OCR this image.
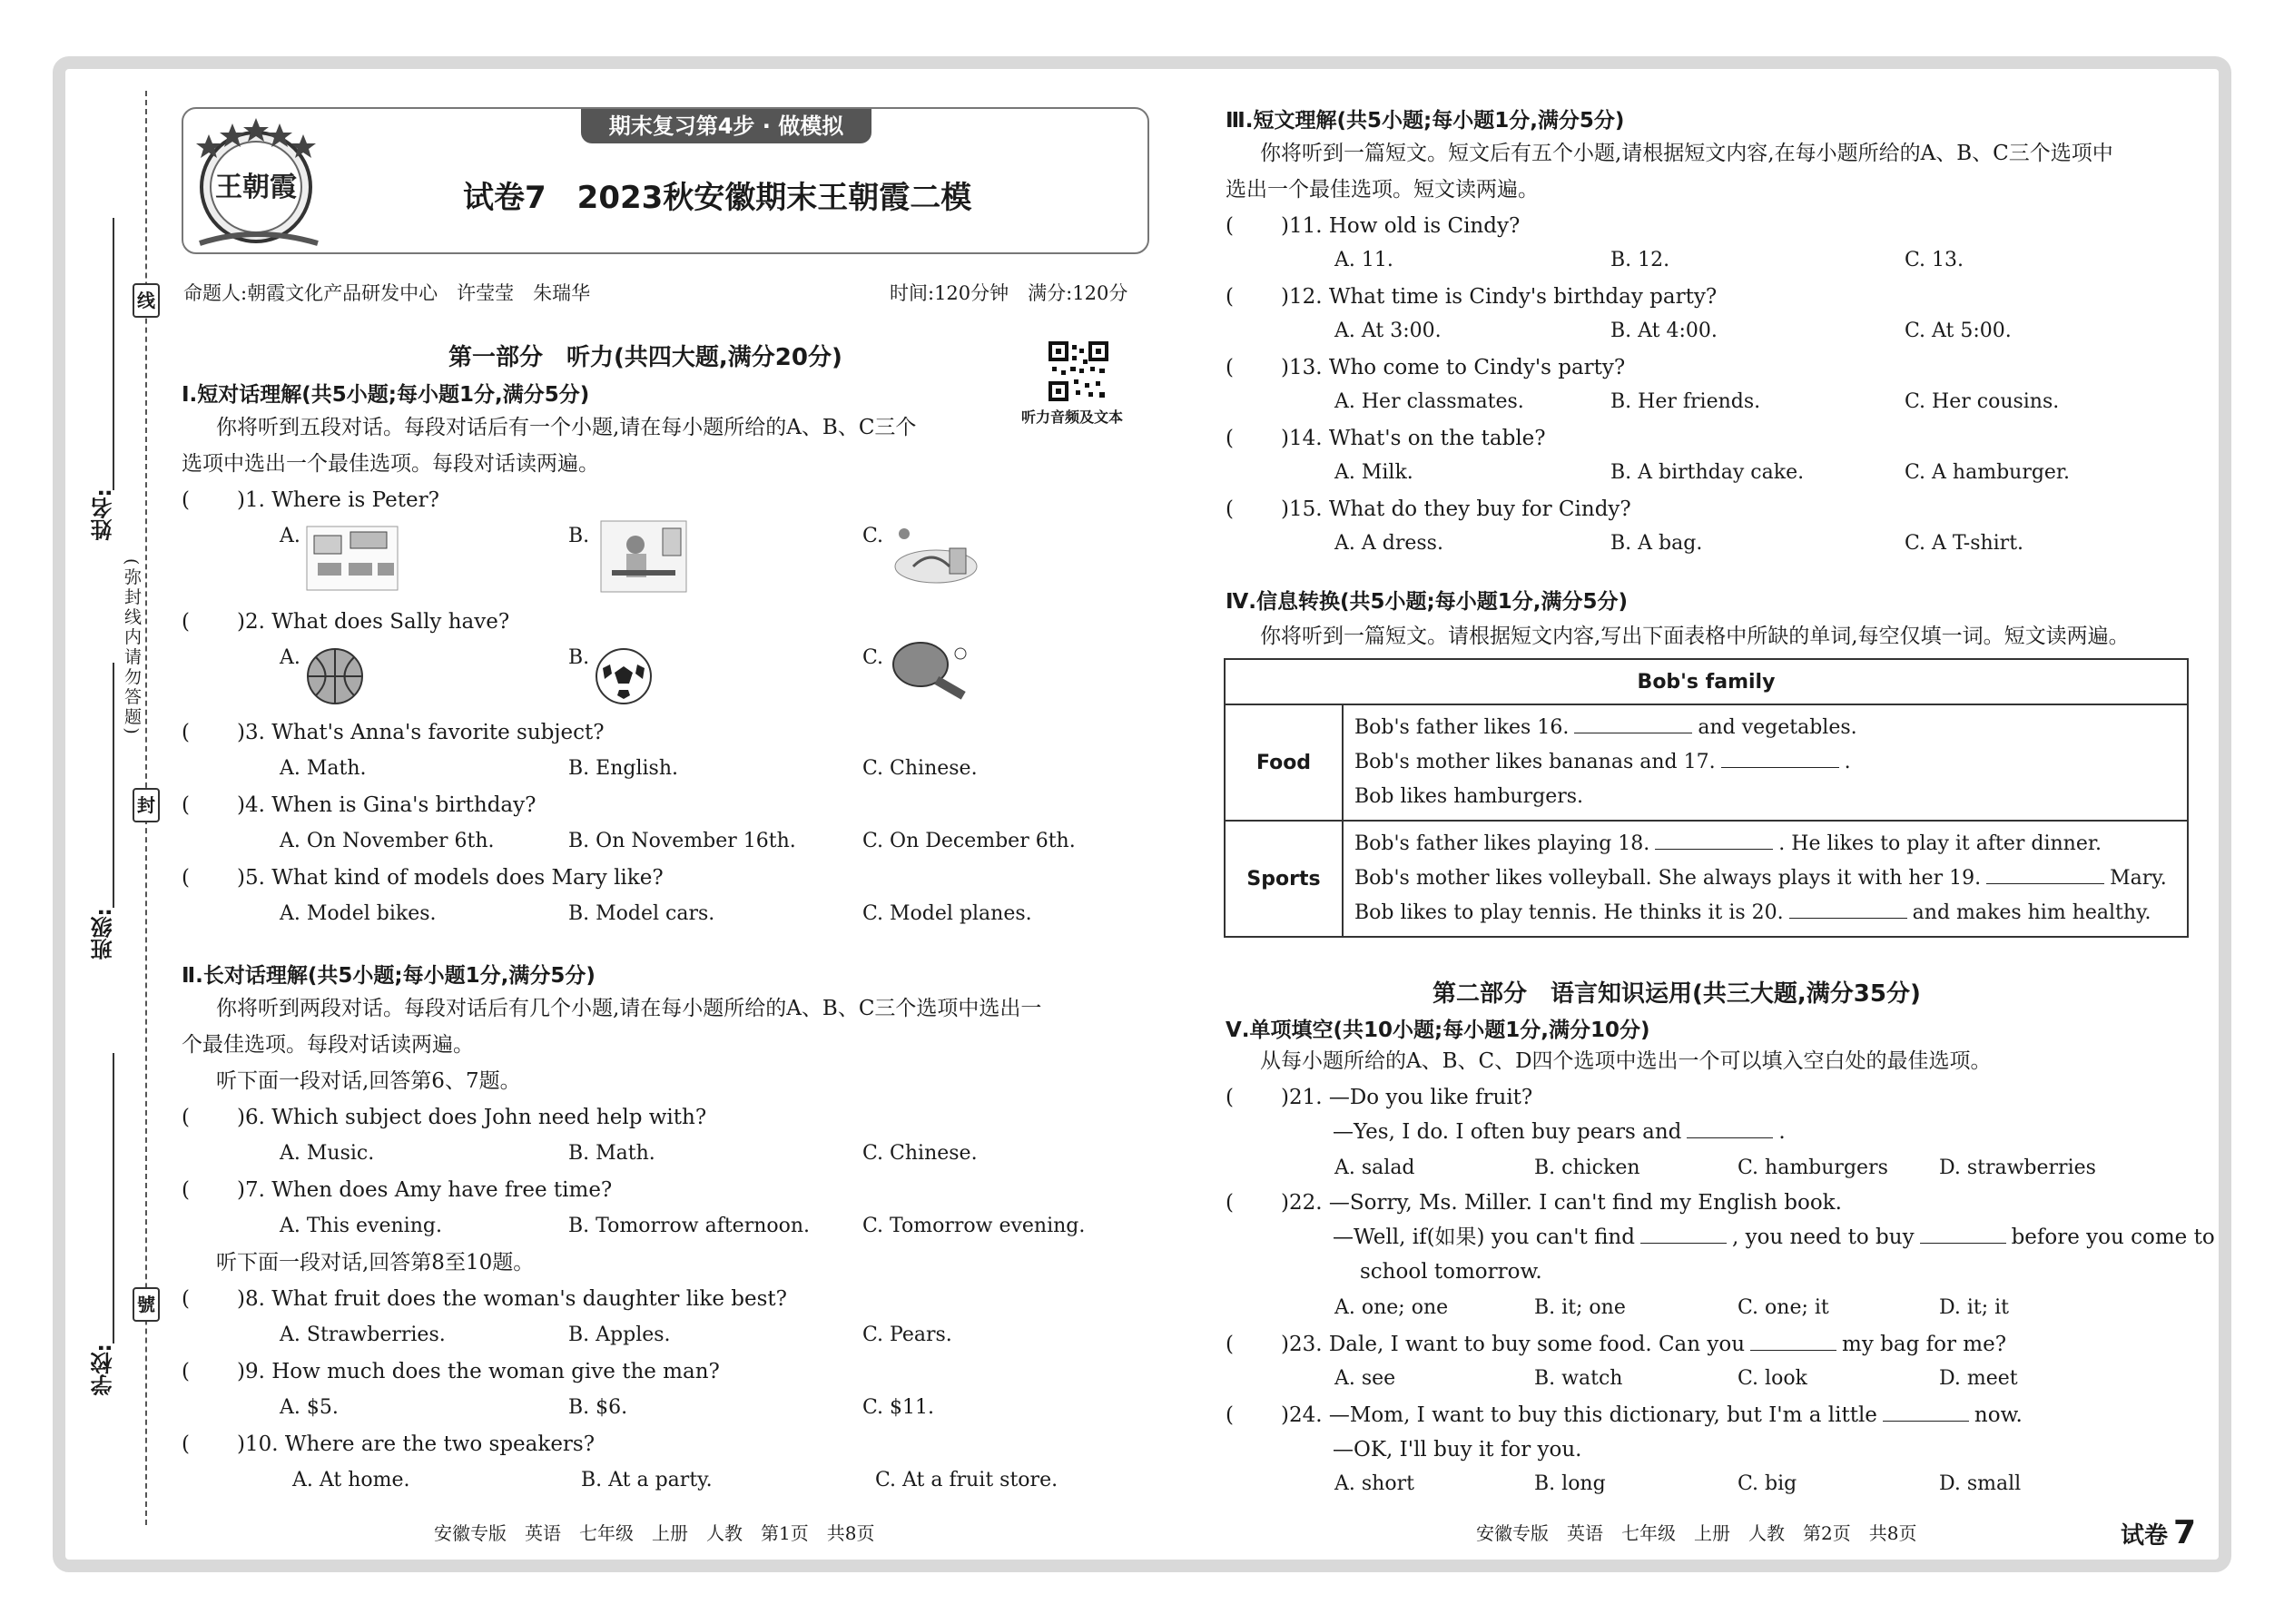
线
封
號
(弥封线内请勿答题)
姓名:
班级:
学校:
王朝霞
期末复习第4步 · 做模拟
试卷7　2023秋安徽期末王朝霞二模
命题人:朝霞文化产品研发中心　许莹莹　朱瑞华	时间:120分钟　满分:120分
听力音频及文本
第一部分　听力(共四大题,满分20分)
Ⅰ.短对话理解(共5小题;每小题1分,满分5分)
你将听到五段对话。每段对话后有一个小题,请在每小题所给的A、B、C三个
选项中选出一个最佳选项。每段对话读两遍。
( )1. Where is Peter?
A.	B.	C.
( )2. What does Sally have?
A.	B.	C.
( )3. What's Anna's favorite subject?
A. Math.	B. English.	C. Chinese.
( )4. When is Gina's birthday?
A. On November 6th.	B. On November 16th.	C. On December 6th.
( )5. What kind of models does Mary like?
A. Model bikes.	B. Model cars.	C. Model planes.
Ⅱ.长对话理解(共5小题;每小题1分,满分5分)
你将听到两段对话。每段对话后有几个小题,请在每小题所给的A、B、C三个选项中选出一
个最佳选项。每段对话读两遍。
听下面一段对话,回答第6、7题。
( )6. Which subject does John need help with?
A. Music.	B. Math.	C. Chinese.
( )7. When does Amy have free time?
A. This evening.	B. Tomorrow afternoon.	C. Tomorrow evening.
听下面一段对话,回答第8至10题。
( )8. What fruit does the woman's daughter like best?
A. Strawberries.	B. Apples.	C. Pears.
( )9. How much does the woman give the man?
A. $5.	B. $6.	C. $11.
( )10. Where are the two speakers?
A. At home.	B. At a party.	C. At a fruit store.
安徽专版　英语　七年级　上册　人教　第1页　共8页
Ⅲ.短文理解(共5小题;每小题1分,满分5分)
你将听到一篇短文。短文后有五个小题,请根据短文内容,在每小题所给的A、B、C三个选项中
选出一个最佳选项。短文读两遍。
( )11. How old is Cindy?
A. 11.	B. 12.	C. 13.
( )12. What time is Cindy's birthday party?
A. At 3:00.	B. At 4:00.	C. At 5:00.
( )13. Who come to Cindy's party?
A. Her classmates.	B. Her friends.	C. Her cousins.
( )14. What's on the table?
A. Milk.	B. A birthday cake.	C. A hamburger.
( )15. What do they buy for Cindy?
A. A dress.	B. A bag.	C. A T-shirt.
Ⅳ.信息转换(共5小题;每小题1分,满分5分)
你将听到一篇短文。请根据短文内容,写出下面表格中所缺的单词,每空仅填一词。短文读两遍。
Bob's family	
Food	Bob's father likes 16. and vegetables.
Bob's mother likes bananas and 17. .
Bob likes hamburgers.

Sports	Bob's father likes playing 18. . He likes to play it after dinner.
Bob's mother likes volleyball. She always plays it with her 19. Mary.
Bob likes to play tennis. He thinks it is 20. and makes him healthy.
第二部分　语言知识运用(共三大题,满分35分)
Ⅴ.单项填空(共10小题;每小题1分,满分10分)
从每小题所给的A、B、C、D四个选项中选出一个可以填入空白处的最佳选项。
( )21. —Do you like fruit?
—Yes, I do. I often buy pears and	.
A. salad	B. chicken	C. hamburgers	D. strawberries
( )22. —Sorry, Ms. Miller. I can't find my English book.
—Well, if(如果) you can't find	, you need to buy	before you come to
school tomorrow.
A. one; one	B. it; one	C. one; it	D. it; it
( )23. Dale, I want to buy some food. Can you	my bag for me?
A. see	B. watch	C. look	D. meet
( )24. —Mom, I want to buy this dictionary, but I'm a little	now.
—OK, I'll buy it for you.
A. short	B. long	C. big	D. small
安徽专版　英语　七年级　上册　人教　第2页　共8页	试卷 7
